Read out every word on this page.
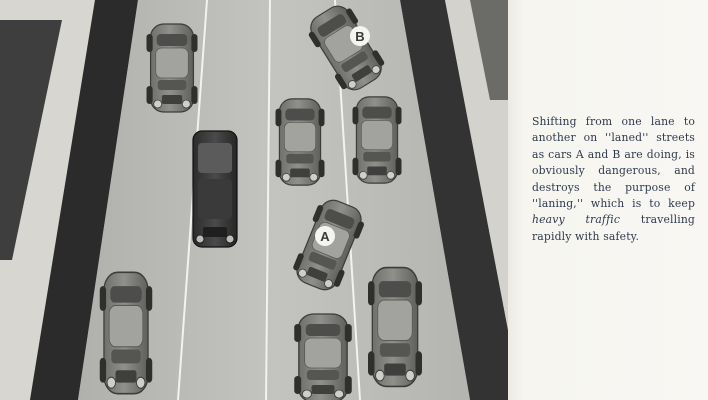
B
A

Shifting from one lane to another on ''laned'' streets as cars A and B are doing, is obviously dangerous, and destroys the purpose of ''laning,'' which is to keep heavy traffic travelling rapidly with safety.
